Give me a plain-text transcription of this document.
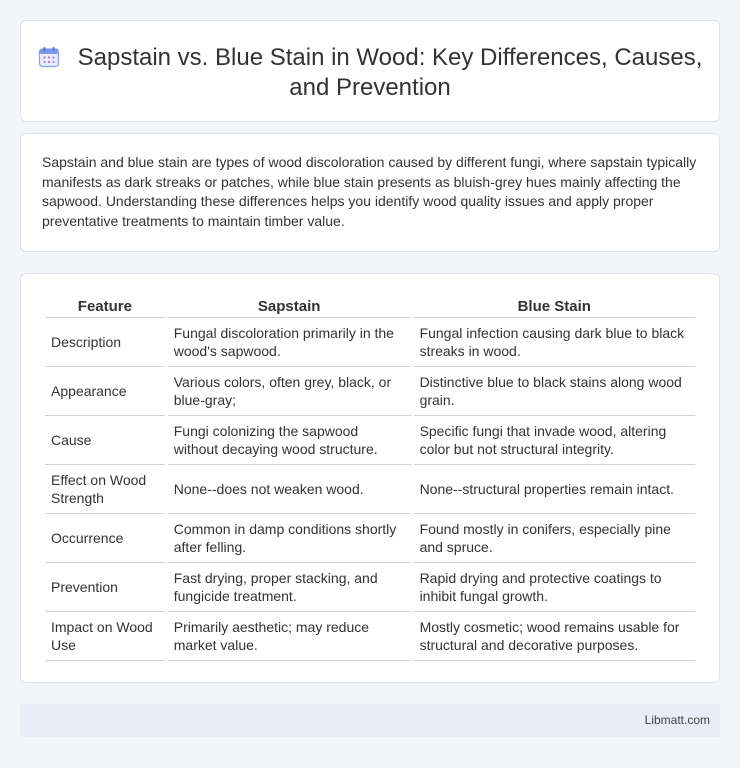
Sapstain vs. Blue Stain in Wood: Key Differences, Causes, and Prevention

Sapstain and blue stain are types of wood discoloration caused by different fungi, where sapstain typically manifests as dark streaks or patches, while blue stain presents as bluish-grey hues mainly affecting the sapwood. Understanding these differences helps you identify wood quality issues and apply proper preventative treatments to maintain timber value.

Feature	Sapstain	Blue Stain
Description	Fungal discoloration primarily in the wood's sapwood.	Fungal infection causing dark blue to black streaks in wood.
Appearance	Various colors, often grey, black, or blue-gray;	Distinctive blue to black stains along wood grain.
Cause	Fungi colonizing the sapwood without decaying wood structure.	Specific fungi that invade wood, altering color but not structural integrity.
Effect on Wood Strength	None--does not weaken wood.	None--structural properties remain intact.
Occurrence	Common in damp conditions shortly after felling.	Found mostly in conifers, especially pine and spruce.
Prevention	Fast drying, proper stacking, and fungicide treatment.	Rapid drying and protective coatings to inhibit fungal growth.
Impact on Wood Use	Primarily aesthetic; may reduce market value.	Mostly cosmetic; wood remains usable for structural and decorative purposes.
Libmatt.com
